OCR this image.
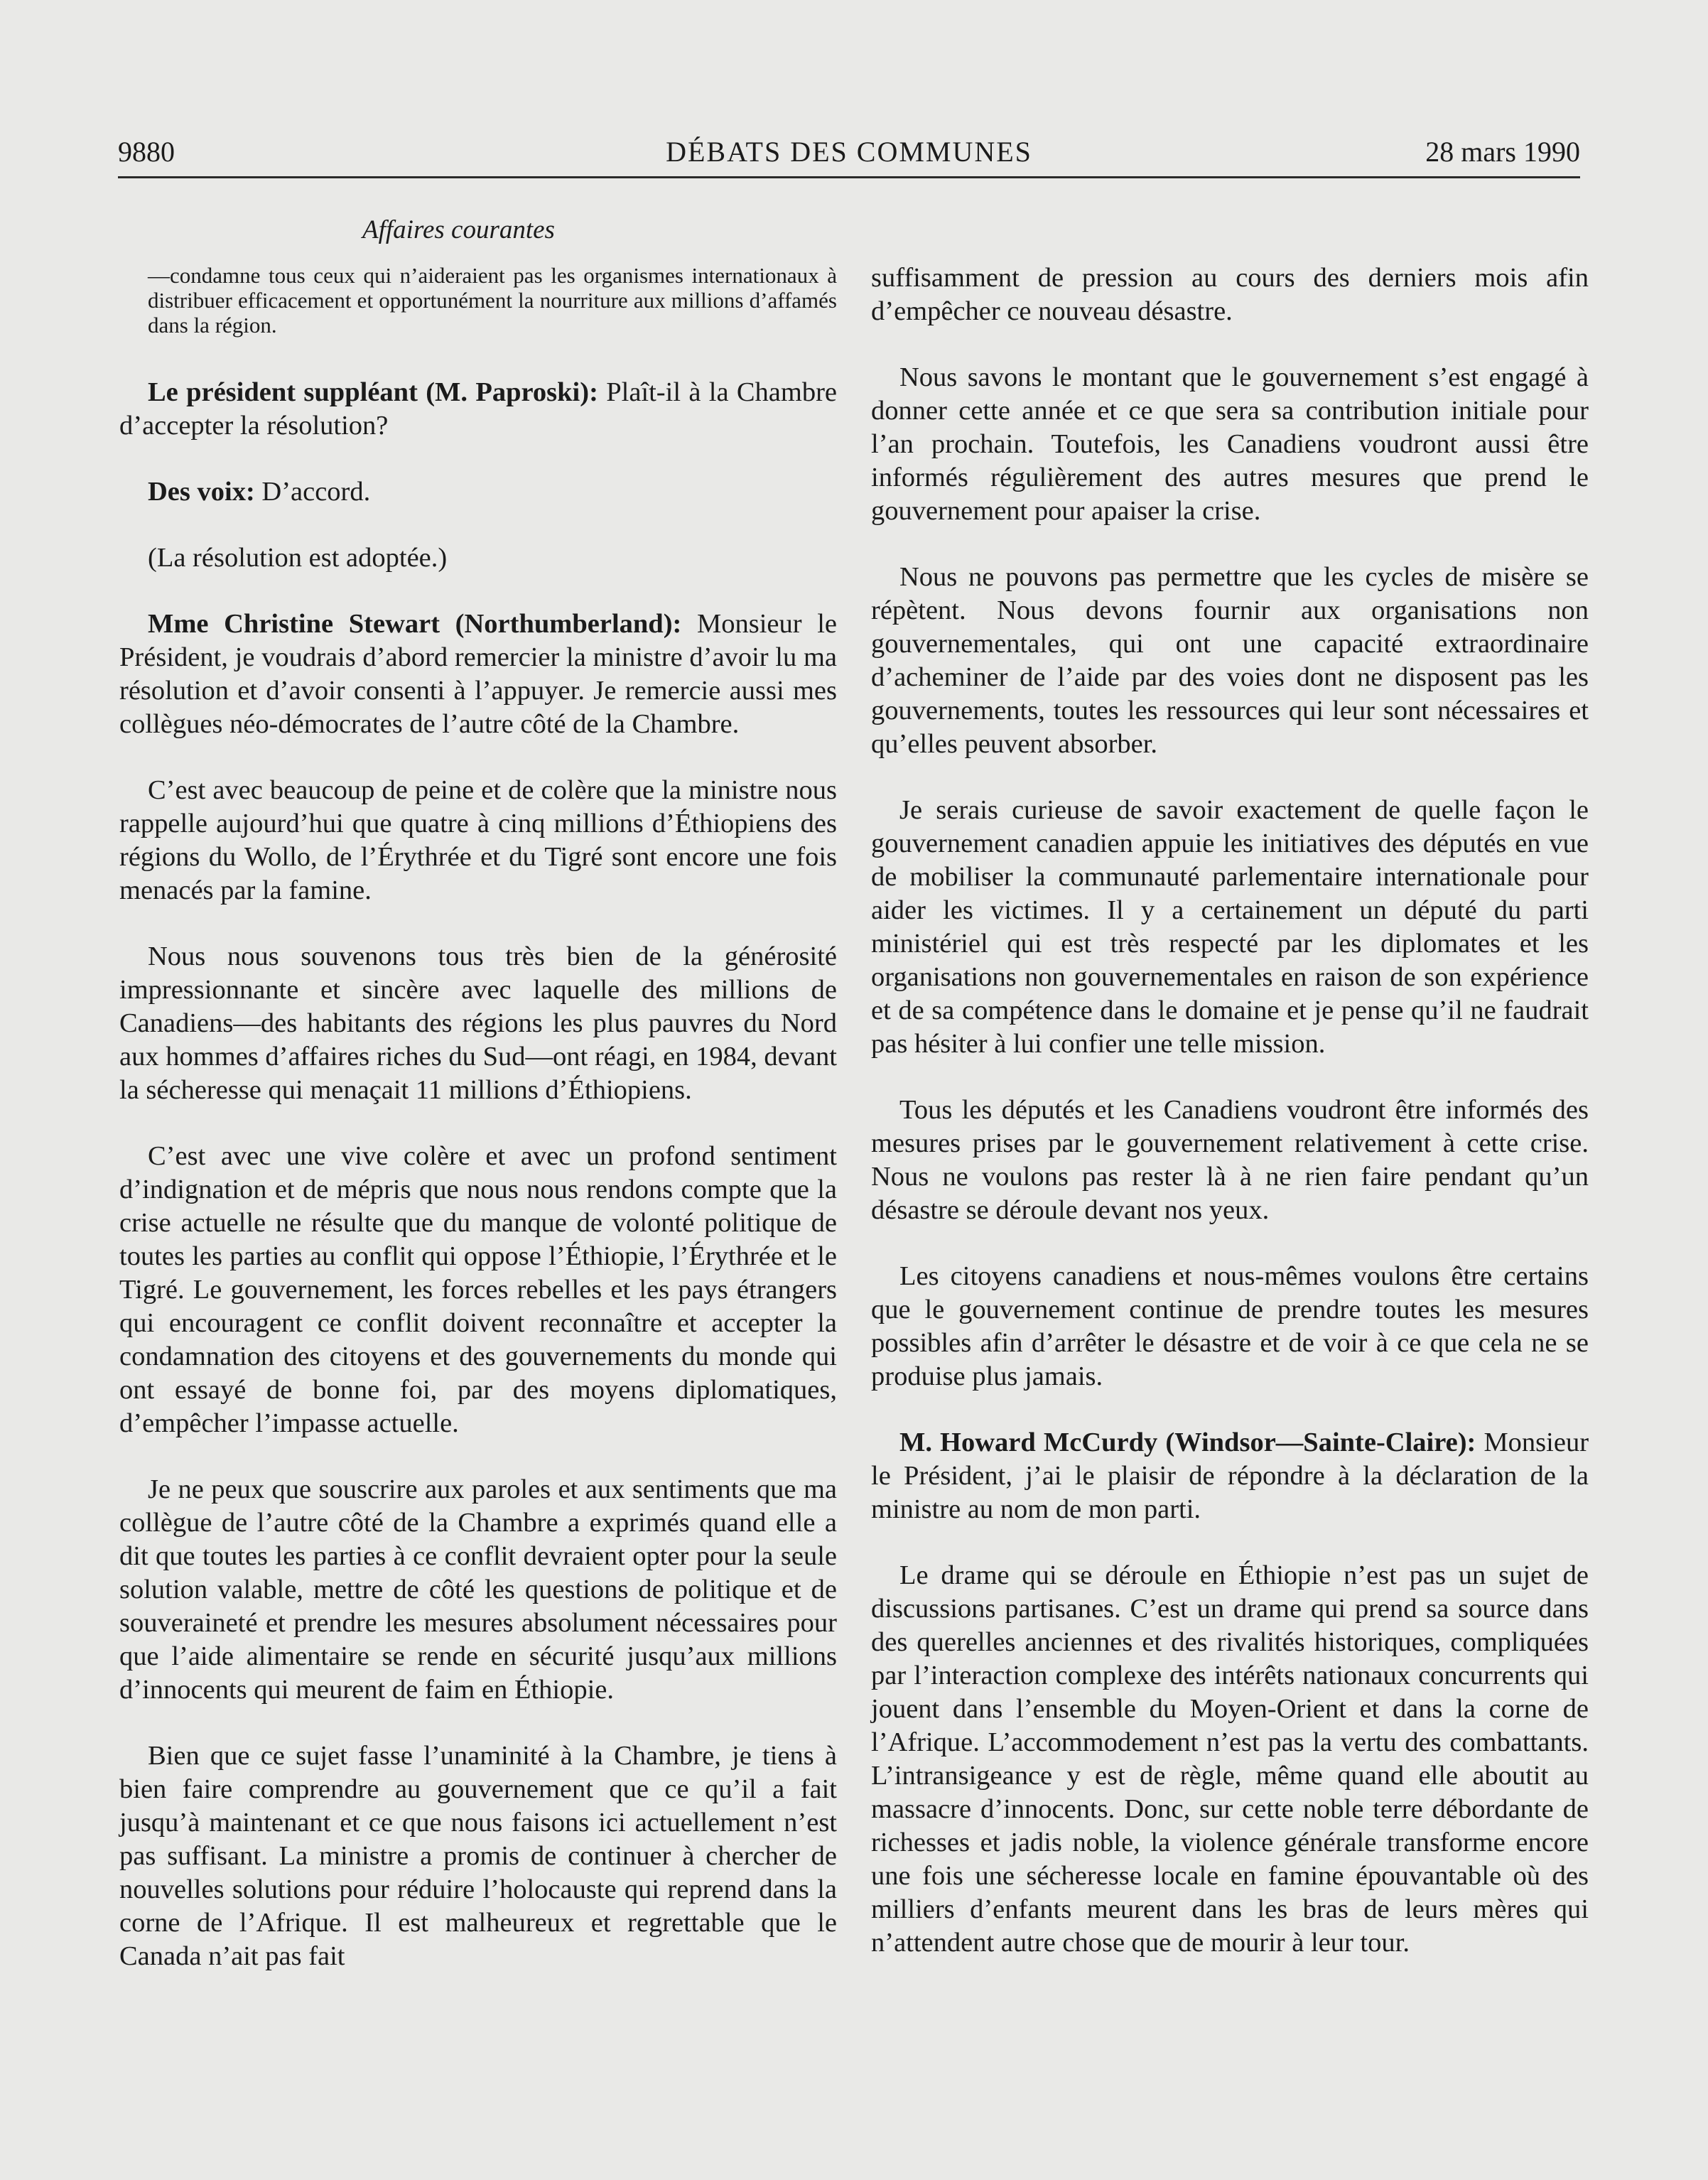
9880	DÉBATS DES COMMUNES	28 mars 1990
Affaires courantes

—condamne tous ceux qui n’aideraient pas les organismes internationaux à distribuer efficacement et opportunément la nourriture aux millions d’affamés dans la région.

Le président suppléant (M. Paproski): Plaît-il à la Chambre d’accepter la résolution?

Des voix: D’accord.

(La résolution est adoptée.)

Mme Christine Stewart (Northumberland): Monsieur le Président, je voudrais d’abord remercier la ministre d’avoir lu ma résolution et d’avoir consenti à l’appuyer. Je remercie aussi mes collègues néo-démocrates de l’autre côté de la Chambre.

C’est avec beaucoup de peine et de colère que la ministre nous rappelle aujourd’hui que quatre à cinq millions d’Éthiopiens des régions du Wollo, de l’Érythrée et du Tigré sont encore une fois menacés par la famine.

Nous nous souvenons tous très bien de la générosité impressionnante et sincère avec laquelle des millions de Canadiens—des habitants des régions les plus pauvres du Nord aux hommes d’affaires riches du Sud—ont réagi, en 1984, devant la sécheresse qui menaçait 11 millions d’Éthiopiens.

C’est avec une vive colère et avec un profond sentiment d’indignation et de mépris que nous nous rendons compte que la crise actuelle ne résulte que du manque de volonté politique de toutes les parties au conflit qui oppose l’Éthiopie, l’Érythrée et le Tigré. Le gouvernement, les forces rebelles et les pays étrangers qui encouragent ce conflit doivent reconnaître et accepter la condamnation des citoyens et des gouvernements du monde qui ont essayé de bonne foi, par des moyens diplomatiques, d’empêcher l’impasse actuelle.

Je ne peux que souscrire aux paroles et aux sentiments que ma collègue de l’autre côté de la Chambre a exprimés quand elle a dit que toutes les parties à ce conflit devraient opter pour la seule solution valable, mettre de côté les questions de politique et de souveraineté et prendre les mesures absolument nécessaires pour que l’aide alimentaire se rende en sécurité jusqu’aux millions d’innocents qui meurent de faim en Éthiopie.

Bien que ce sujet fasse l’unaminité à la Chambre, je tiens à bien faire comprendre au gouvernement que ce qu’il a fait jusqu’à maintenant et ce que nous faisons ici actuellement n’est pas suffisant. La ministre a promis de continuer à chercher de nouvelles solutions pour réduire l’holocauste qui reprend dans la corne de l’Afrique. Il est malheureux et regrettable que le Canada n’ait pas fait

suffisamment de pression au cours des derniers mois afin d’empêcher ce nouveau désastre.

Nous savons le montant que le gouvernement s’est engagé à donner cette année et ce que sera sa contribution initiale pour l’an prochain. Toutefois, les Canadiens voudront aussi être informés régulièrement des autres mesures que prend le gouvernement pour apaiser la crise.

Nous ne pouvons pas permettre que les cycles de misère se répètent. Nous devons fournir aux organisations non gouvernementales, qui ont une capacité extraordinaire d’acheminer de l’aide par des voies dont ne disposent pas les gouvernements, toutes les ressources qui leur sont nécessaires et qu’elles peuvent absorber.

Je serais curieuse de savoir exactement de quelle façon le gouvernement canadien appuie les initiatives des députés en vue de mobiliser la communauté parlementaire internationale pour aider les victimes. Il y a certainement un député du parti ministériel qui est très respecté par les diplomates et les organisations non gouvernementales en raison de son expérience et de sa compétence dans le domaine et je pense qu’il ne faudrait pas hésiter à lui confier une telle mission.

Tous les députés et les Canadiens voudront être informés des mesures prises par le gouvernement relativement à cette crise. Nous ne voulons pas rester là à ne rien faire pendant qu’un désastre se déroule devant nos yeux.

Les citoyens canadiens et nous-mêmes voulons être certains que le gouvernement continue de prendre toutes les mesures possibles afin d’arrêter le désastre et de voir à ce que cela ne se produise plus jamais.

M. Howard McCurdy (Windsor—Sainte-Claire): Monsieur le Président, j’ai le plaisir de répondre à la déclaration de la ministre au nom de mon parti.

Le drame qui se déroule en Éthiopie n’est pas un sujet de discussions partisanes. C’est un drame qui prend sa source dans des querelles anciennes et des rivalités historiques, compliquées par l’interaction complexe des intérêts nationaux concurrents qui jouent dans l’ensemble du Moyen-Orient et dans la corne de l’Afrique. L’accommodement n’est pas la vertu des combattants. L’intransigeance y est de règle, même quand elle aboutit au massacre d’innocents. Donc, sur cette noble terre débordante de richesses et jadis noble, la violence générale transforme encore une fois une sécheresse locale en famine épouvantable où des milliers d’enfants meurent dans les bras de leurs mères qui n’attendent autre chose que de mourir à leur tour.
